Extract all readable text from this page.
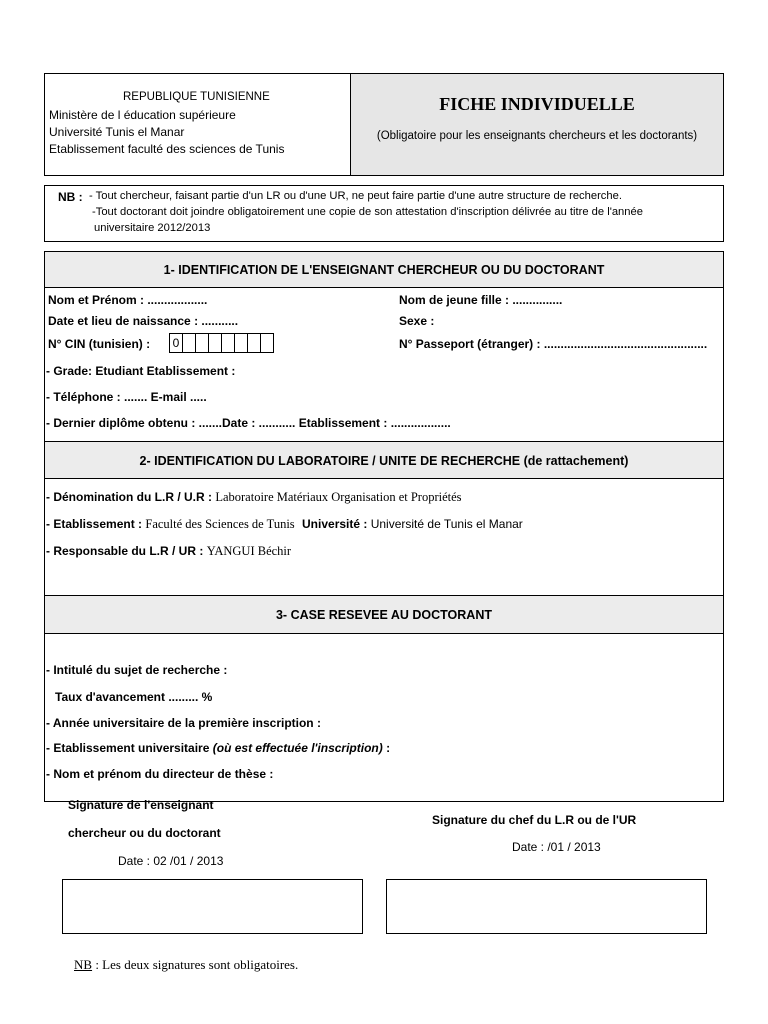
REPUBLIQUE TUNISIENNE
Ministère de l éducation supérieure
Université Tunis el Manar
Etablissement faculté des sciences de Tunis
FICHE INDIVIDUELLE
(Obligatoire pour les enseignants chercheurs et les doctorants)
NB : - Tout chercheur, faisant partie d'un LR ou d'une UR, ne peut faire partie d'une autre structure de recherche.
-Tout doctorant doit joindre obligatoirement une copie de son attestation d'inscription délivrée au titre de l'année
universitaire 2012/2013
1- IDENTIFICATION DE L'ENSEIGNANT CHERCHEUR OU DU DOCTORANT
Nom et Prénom : ..................	Nom de jeune fille : ...............
Date et lieu de naissance : ...........	Sexe :
N° CIN (tunisien) :	0	N° Passeport (étranger) : .................................................
- Grade: Etudiant Etablissement :
- Téléphone : ....... E-mail .....
- Dernier diplôme obtenu : .......Date : ........... Etablissement : ..................
2- IDENTIFICATION DU LABORATOIRE / UNITE DE RECHERCHE (de rattachement)
- Dénomination du L.R / U.R : Laboratoire Matériaux Organisation et Propriétés
- Etablissement : Faculté des Sciences de Tunis Université : Université de Tunis el Manar
- Responsable du L.R / UR : YANGUI Béchir
3- CASE RESEVEE AU DOCTORANT
- Intitulé du sujet de recherche :
Taux d'avancement ......... %
- Année universitaire de la première inscription :
- Etablissement universitaire (où est effectuée l'inscription) :
- Nom et prénom du directeur de thèse :
Signature de l'enseignant
chercheur ou du doctorant
Date : 02 /01 / 2013
Signature du chef du L.R ou de l'UR
Date : /01 / 2013
NB : Les deux signatures sont obligatoires.
